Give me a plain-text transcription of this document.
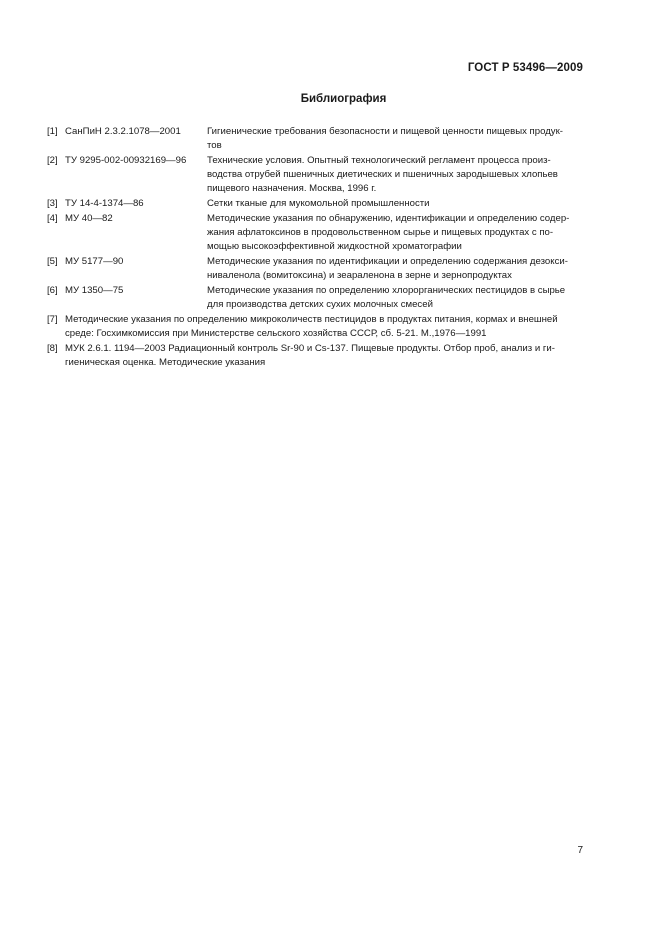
ГОСТ Р 53496—2009
Библиография
[1] СанПиН 2.3.2.1078—2001	Гигиенические требования безопасности и пищевой ценности пищевых продук-
тов
[2] ТУ 9295-002-00932169—96	Технические условия. Опытный технологический регламент процесса произ-
водства отрубей пшеничных диетических и пшеничных зародышевых хлопьев
пищевого назначения. Москва, 1996 г.
[3] ТУ 14-4-1374—86	Сетки тканые для мукомольной промышленности
[4] МУ 40—82	Методические указания по обнаружению, идентификации и определению содер-
жания афлатоксинов в продовольственном сырье и пищевых продуктах с по-
мощью высокоэффективной жидкостной хроматографии
[5] МУ 5177—90	Методические указания по идентификации и определению содержания дезокси-
ниваленола (вомитоксина) и зеараленона в зерне и зернопродуктах
[6] МУ 1350—75	Методические указания по определению хлорорганических пестицидов в сырье
для производства детских сухих молочных смесей
[7] Методические указания по определению микроколичеств пестицидов в продуктах питания, кормах и внешней
среде: Госхимкомиссия при Министерстве сельского хозяйства СССР, сб. 5-21. М.,1976—1991
[8] МУК 2.6.1. 1194—2003 Радиационный контроль Sr-90 и Cs-137. Пищевые продукты. Отбор проб, анализ и ги-
гиеническая оценка. Методические указания
7
